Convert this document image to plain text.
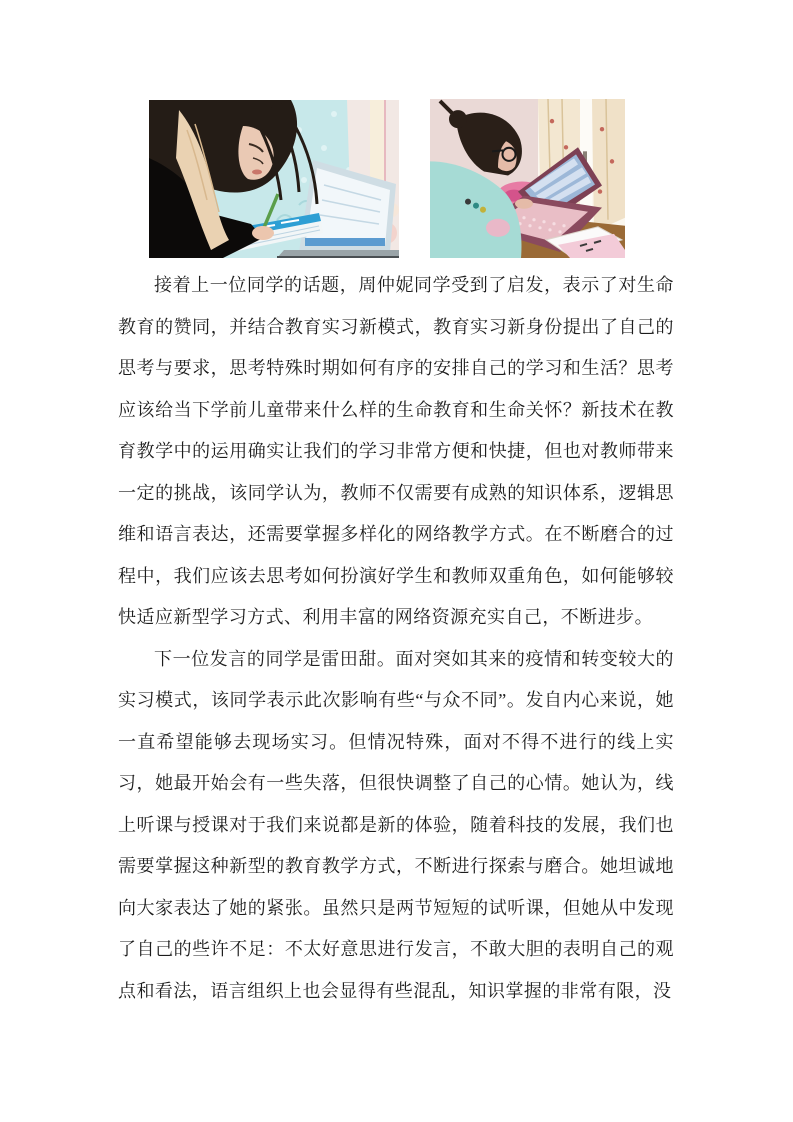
接着上一位同学的话题，周仲妮同学受到了启发，表示了对生命教育的赞同，并结合教育实习新模式，教育实习新身份提出了自己的思考与要求，思考特殊时期如何有序的安排自己的学习和生活？思考应该给当下学前儿童带来什么样的生命教育和生命关怀？新技术在教育教学中的运用确实让我们的学习非常方便和快捷，但也对教师带来一定的挑战，该同学认为，教师不仅需要有成熟的知识体系，逻辑思维和语言表达，还需要掌握多样化的网络教学方式。在不断磨合的过程中，我们应该去思考如何扮演好学生和教师双重角色，如何能够较快适应新型学习方式、利用丰富的网络资源充实自己，不断进步。

下一位发言的同学是雷田甜。面对突如其来的疫情和转变较大的实习模式，该同学表示此次影响有些“与众不同”。发自内心来说，她一直希望能够去现场实习。但情况特殊，面对不得不进行的线上实习，她最开始会有一些失落，但很快调整了自己的心情。她认为，线上听课与授课对于我们来说都是新的体验，随着科技的发展，我们也需要掌握这种新型的教育教学方式，不断进行探索与磨合。她坦诚地向大家表达了她的紧张。虽然只是两节短短的试听课，但她从中发现了自己的些许不足：不太好意思进行发言，不敢大胆的表明自己的观点和看法，语言组织上也会显得有些混乱，知识掌握的非常有限，没
